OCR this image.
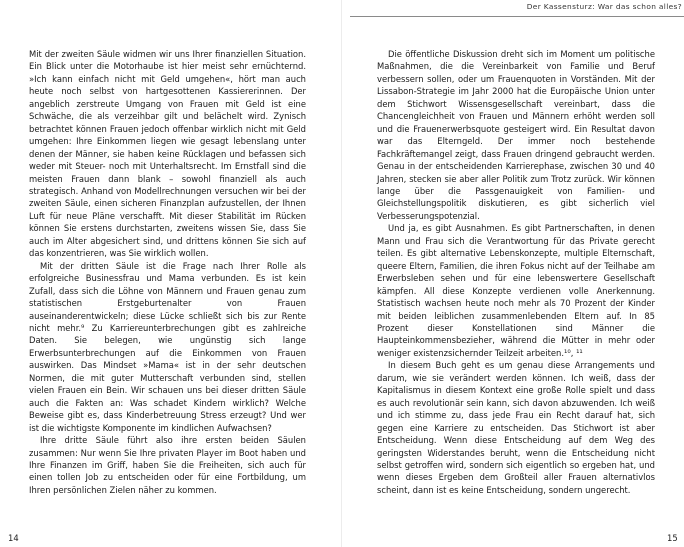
Mit der zweiten Säule widmen wir uns Ihrer finanziellen Situation. Ein Blick unter die Motorhaube ist hier meist sehr ernüchternd. »Ich kann einfach nicht mit Geld umgehen«, hört man auch heute noch selbst von hartgesottenen Kassiererinnen. Der angeblich zerstreute Umgang von Frauen mit Geld ist eine Schwäche, die als verzeihbar gilt und belächelt wird. Zynisch betrachtet können Frauen jedoch offenbar wirklich nicht mit Geld umgehen: Ihre Einkommen liegen wie gesagt lebenslang unter denen der Männer, sie haben keine Rücklagen und befassen sich weder mit Steuer- noch mit Unterhaltsrecht. Im Ernstfall sind die meisten Frauen dann blank – sowohl finanziell als auch strategisch. Anhand von Modellrechnungen versuchen wir bei der zweiten Säule, einen sicheren Finanzplan aufzustellen, der Ihnen Luft für neue Pläne verschafft. Mit dieser Stabilität im Rücken können Sie erstens durchstarten, zweitens wissen Sie, dass Sie auch im Alter abgesichert sind, und drittens können Sie sich auf das konzentrieren, was Sie wirklich wollen.

Mit der dritten Säule ist die Frage nach Ihrer Rolle als erfolgreiche Businessfrau und Mama verbunden. Es ist kein Zufall, dass sich die Löhne von Männern und Frauen genau zum statistischen Erstgeburtenalter von Frauen auseinanderentwickeln; diese Lücke schließt sich bis zur Rente nicht mehr.⁹ Zu Karriereunterbrechungen gibt es zahlreiche Daten. Sie belegen, wie ungünstig sich lange Erwerbsunterbrechungen auf die Einkommen von Frauen auswirken. Das Mindset »Mama« ist in der sehr deutschen Normen, die mit guter Mutterschaft verbunden sind, stellen vielen Frauen ein Bein. Wir schauen uns bei dieser dritten Säule auch die Fakten an: Was schadet Kindern wirklich? Welche Beweise gibt es, dass Kinderbetreuung Stress erzeugt? Und wer ist die wichtigste Komponente im kindlichen Aufwachsen?

Ihre dritte Säule führt also ihre ersten beiden Säulen zusammen: Nur wenn Sie Ihre privaten Player im Boot haben und Ihre Finanzen im Griff, haben Sie die Freiheiten, sich auch für einen tollen Job zu entscheiden oder für eine Fortbildung, um Ihren persönlichen Zielen näher zu kommen.

14
Der Kassensturz: War das schon alles?

Die öffentliche Diskussion dreht sich im Moment um politische Maßnahmen, die die Vereinbarkeit von Familie und Beruf verbessern sollen, oder um Frauenquoten in Vorständen. Mit der Lissabon-Strategie im Jahr 2000 hat die Europäische Union unter dem Stichwort Wissensgesellschaft vereinbart, dass die Chancengleichheit von Frauen und Männern erhöht werden soll und die Frauenerwerbsquote gesteigert wird. Ein Resultat davon war das Elterngeld. Der immer noch bestehende Fachkräftemangel zeigt, dass Frauen dringend gebraucht werden. Genau in der entscheidenden Karrierephase, zwischen 30 und 40 Jahren, stecken sie aber aller Politik zum Trotz zurück. Wir können lange über die Passgenauigkeit von Familien- und Gleichstellungspolitik diskutieren, es gibt sicherlich viel Verbesserungspotenzial.

Und ja, es gibt Ausnahmen. Es gibt Partnerschaften, in denen Mann und Frau sich die Verantwortung für das Private gerecht teilen. Es gibt alternative Lebenskonzepte, multiple Elternschaft, queere Eltern, Familien, die ihren Fokus nicht auf der Teilhabe am Erwerbsleben sehen und für eine lebenswertere Gesellschaft kämpfen. All diese Konzepte verdienen volle Anerkennung. Statistisch wachsen heute noch mehr als 70 Prozent der Kinder mit beiden leiblichen zusammenlebenden Eltern auf. In 85 Prozent dieser Konstellationen sind Männer die Haupteinkommensbezieher, während die Mütter in mehr oder weniger existenzsichernder Teilzeit arbeiten.¹⁰, ¹¹

In diesem Buch geht es um genau diese Arrangements und darum, wie sie verändert werden können. Ich weiß, dass der Kapitalismus in diesem Kontext eine große Rolle spielt und dass es auch revolutionär sein kann, sich davon abzuwenden. Ich weiß und ich stimme zu, dass jede Frau ein Recht darauf hat, sich gegen eine Karriere zu entscheiden. Das Stichwort ist aber Entscheidung. Wenn diese Entscheidung auf dem Weg des geringsten Widerstandes beruht, wenn die Entscheidung nicht selbst getroffen wird, sondern sich eigentlich so ergeben hat, und wenn dieses Ergeben dem Großteil aller Frauen alternativlos scheint, dann ist es keine Entscheidung, sondern ungerecht.

15
